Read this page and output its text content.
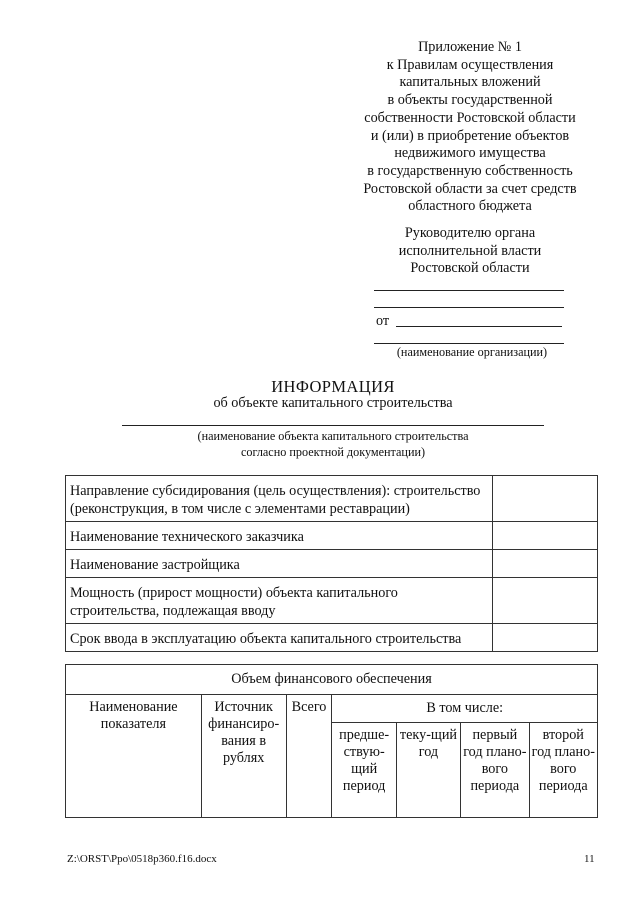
Приложение № 1
к Правилам осуществления
капитальных вложений
в объекты государственной
собственности Ростовской области
и (или) в приобретение объектов
недвижимого имущества
в государственную собственность
Ростовской области за счет средств
областного бюджета
Руководителю органа
исполнительной власти
Ростовской области
от
(наименование организации)
ИНФОРМАЦИЯ
об объекте капитального строительства
(наименование объекта капитального строительства
согласно проектной документации)
Направление субсидирования (цель осуществления): строительство (реконструкция, в том числе с элементами реставрации)	
Наименование технического заказчика	
Наименование застройщика	
Мощность (прирост мощности) объекта капитального строительства, подлежащая вводу	
Срок ввода в эксплуатацию объекта капитального строительства	
Объем финансового обеспечения						
Наименование показателя	Источник финансиро-вания в рублях	Всего	В том числе:			
			предше-ствую-щий период	теку-щий год	первый год плано-вого периода	второй год плано-вого периода
Z:\ORST\Ppo\0518p360.f16.docx	11
